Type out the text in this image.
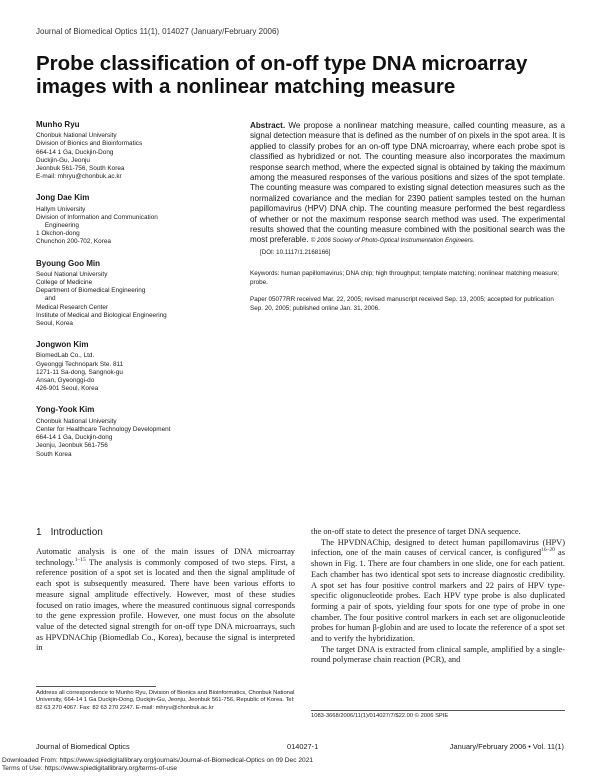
Journal of Biomedical Optics 11(1), 014027 (January/February 2006)
Probe classification of on-off type DNA microarray
images with a nonlinear matching measure
Munho Ryu
Chonbuk National University
Division of Bionics and Bioinformatics
664-14 1 Ga, Duckjin-Dong
Duckjin-Gu, Jeonju
Jeonbuk 561-756, South Korea
E-mail: mhryu@chonbuk.ac.kr
Jong Dae Kim
Hallym University
Division of Information and Communication
Engineering
1 Okchon-dong
Chunchon 200-702, Korea
Byoung Goo Min
Seoul National University
College of Medicine
Department of Biomedical Engineering
and
Medical Research Center
Institute of Medical and Biological Engineering
Seoul, Korea
Jongwon Kim
BiomedLab Co., Ltd.
Gyeonggi Technopark Ste. 811
1271-11 Sa-dong, Sangnok-gu
Ansan, Gyeonggi-do
426-901 Seoul, Korea
Yong-Yook Kim
Chonbuk National University
Center for Healthcare Technology Development
664-14 1 Ga, Duckjin-dong
Jeonju, Jeonbuk 561-756
South Korea
Abstract. We propose a nonlinear matching measure, called counting measure, as a signal detection measure that is defined as the number of on pixels in the spot area. It is applied to classify probes for an on-off type DNA microarray, where each probe spot is classified as hybridized or not. The counting measure also incorporates the maximum response search method, where the expected signal is obtained by taking the maximum among the measured responses of the various positions and sizes of the spot template. The counting measure was compared to existing signal detection measures such as the normalized covariance and the median for 2390 patient samples tested on the human papillomavirus (HPV) DNA chip. The counting measure performed the best regardless of whether or not the maximum response search method was used. The experimental results showed that the counting measure combined with the positional search was the most preferable. © 2006 Society of Photo-Optical Instrumentation Engineers.
[DOI: 10.1117/1.2168166]
Keywords: human papillomavirus; DNA chip; high throughput; template matching; nonlinear matching measure; probe.
Paper 05077RR received Mar. 22, 2005; revised manuscript received Sep. 13, 2005; accepted for publication Sep. 20, 2005; published online Jan. 31, 2006.
1 Introduction

Automatic analysis is one of the main issues of DNA microarray technology.$^{1-15}$ The analysis is commonly composed of two steps. First, a reference position of a spot set is located and then the signal amplitude of each spot is subsequently measured. There have been various efforts to measure signal amplitude effectively. However, most of these studies focused on ratio images, where the measured continuous signal corresponds to the gene expression profile. However, one must focus on the absolute value of the detected signal strength for on-off type DNA microarrays, such as HPVDNAChip (Biomedlab Co., Korea), because the signal is interpreted in

the on-off state to detect the presence of target DNA sequence.

The HPVDNAChip, designed to detect human papillomavirus (HPV) infection, one of the main causes of cervical cancer, is configured$^{16-20}$ as shown in Fig. 1. There are four chambers in one slide, one for each patient. Each chamber has two identical spot sets to increase diagnostic credibility. A spot set has four positive control markers and 22 pairs of HPV type-specific oligonucleotide probes. Each HPV type probe is also duplicated forming a pair of spots, yielding four spots for one type of probe in one chamber. The four positive control markers in each set are oligonucleotide probes for human β-globin and are used to locate the reference of a spot set and to verify the hybridization.

The target DNA is extracted from clinical sample, amplified by a single-round polymerase chain reaction (PCR), and

Address all correspondence to Munho Ryu, Division of Bionics and Bioinformatics, Chonbuk National University, 664-14 1 Ga Duckjin-Dong, Duckjin-Gu, Jeonju, Jeonbuk 561-756, Republic of Korea. Tel: 82 63 270 4067. Fax: 82 63 270 2247. E-mail: mhryu@chonbuk.ac.kr
1083-3668/2006/11(1)/014027/7/$22.00 © 2006 SPIE
Journal of Biomedical Optics	014027-1	January/February 2006 • Vol. 11(1)
Downloaded From: https://www.spiedigitallibrary.org/journals/Journal-of-Biomedical-Optics on 09 Dec 2021
Terms of Use: https://www.spiedigitallibrary.org/terms-of-use
